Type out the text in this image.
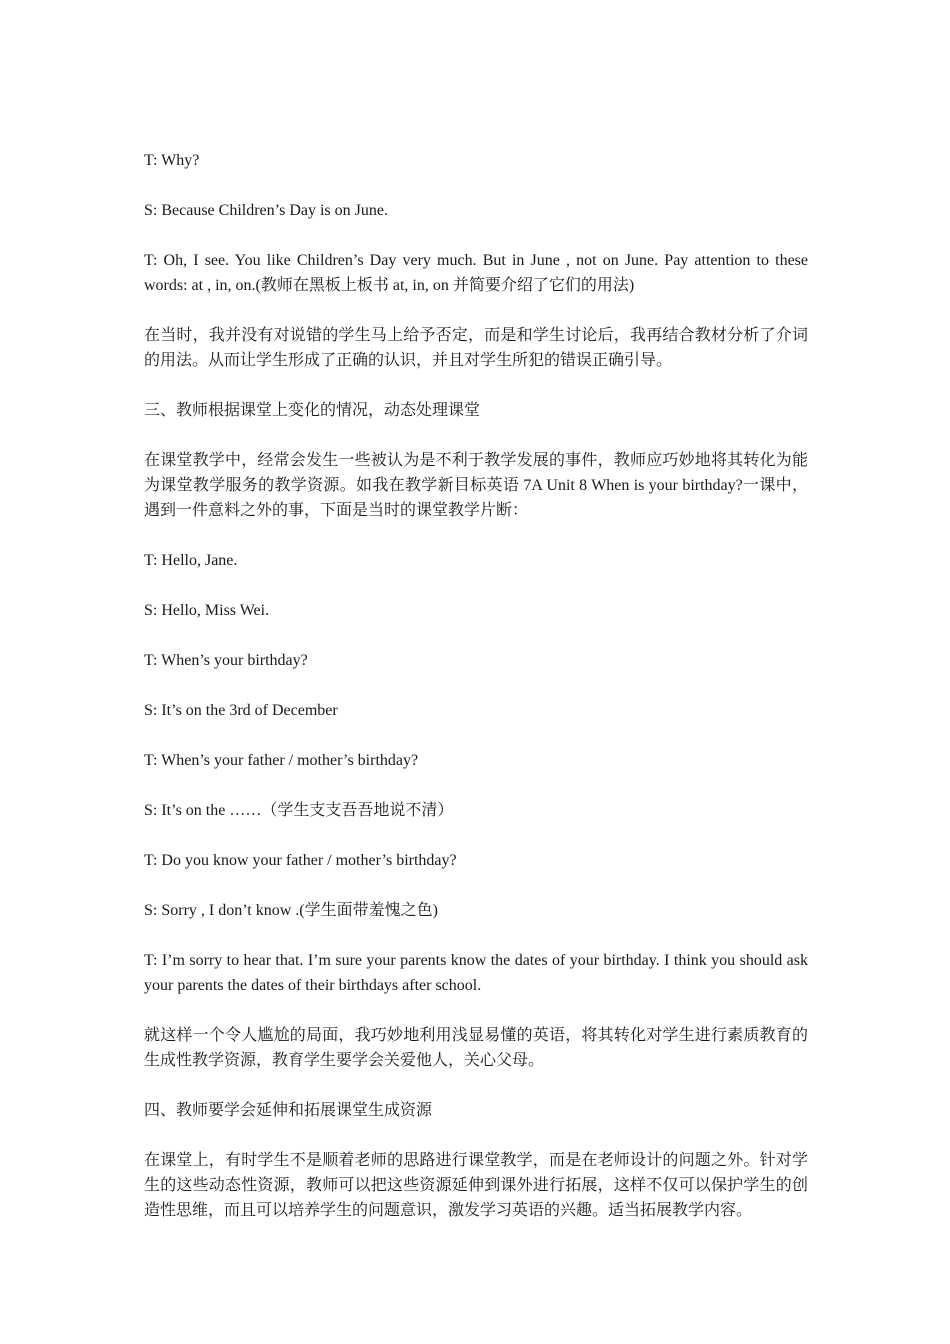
T: Why?

S: Because Children’s Day is on June.

T: Oh, I see. You like Children’s Day very much. But in June , not on June. Pay attention to these words: at , in, on.(教师在黑板上板书 at, in, on 并简要介绍了它们的用法)

在当时，我并没有对说错的学生马上给予否定，而是和学生讨论后，我再结合教材分析了介词的用法。从而让学生形成了正确的认识，并且对学生所犯的错误正确引导。

三、教师根据课堂上变化的情况，动态处理课堂

在课堂教学中，经常会发生一些被认为是不利于教学发展的事件，教师应巧妙地将其转化为能为课堂教学服务的教学资源。如我在教学新目标英语 7A Unit 8 When is your birthday?一课中，遇到一件意料之外的事，下面是当时的课堂教学片断：

T: Hello, Jane.

S: Hello, Miss Wei.

T: When’s your birthday?

S: It’s on the 3rd of December

T: When’s your father / mother’s birthday?

S: It’s on the ……（学生支支吾吾地说不清）

T: Do you know your father / mother’s birthday?

S: Sorry , I don’t know .(学生面带羞愧之色)

T: I’m sorry to hear that. I’m sure your parents know the dates of your birthday. I think you should ask your parents the dates of their birthdays after school.

就这样一个令人尴尬的局面，我巧妙地利用浅显易懂的英语，将其转化对学生进行素质教育的生成性教学资源，教育学生要学会关爱他人，关心父母。

四、教师要学会延伸和拓展课堂生成资源

在课堂上，有时学生不是顺着老师的思路进行课堂教学，而是在老师设计的问题之外。针对学生的这些动态性资源，教师可以把这些资源延伸到课外进行拓展，这样不仅可以保护学生的创造性思维，而且可以培养学生的问题意识，激发学习英语的兴趣。适当拓展教学内容。
